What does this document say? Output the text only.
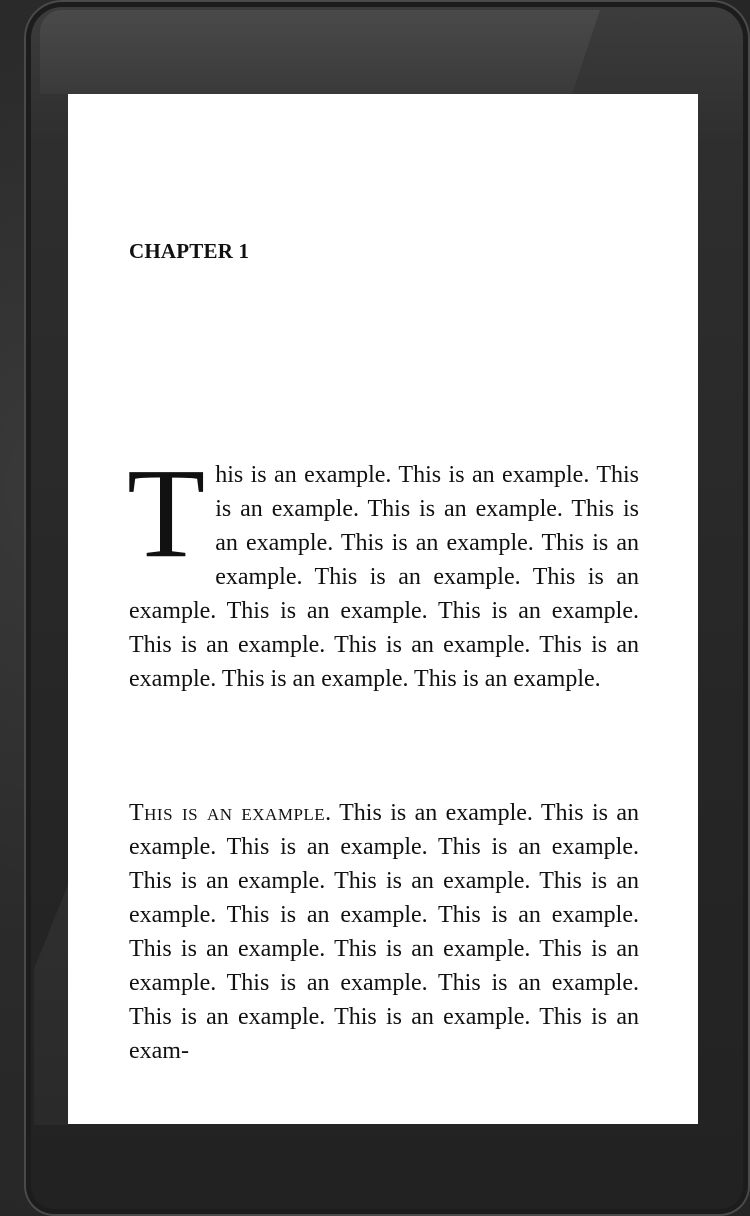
CHAPTER 1

This is an example. This is an example. This is an example. This is an example. This is an example. This is an example. This is an example. This is an example. This is an example. This is an example. This is an example. This is an example. This is an example. This is an example. This is an example. This is an example.

This is an example. This is an example. This is an example. This is an example. This is an example. This is an example. This is an example. This is an example. This is an example. This is an example. This is an example. This is an example. This is an example. This is an example. This is an example. This is an example. This is an example. This is an exam-
